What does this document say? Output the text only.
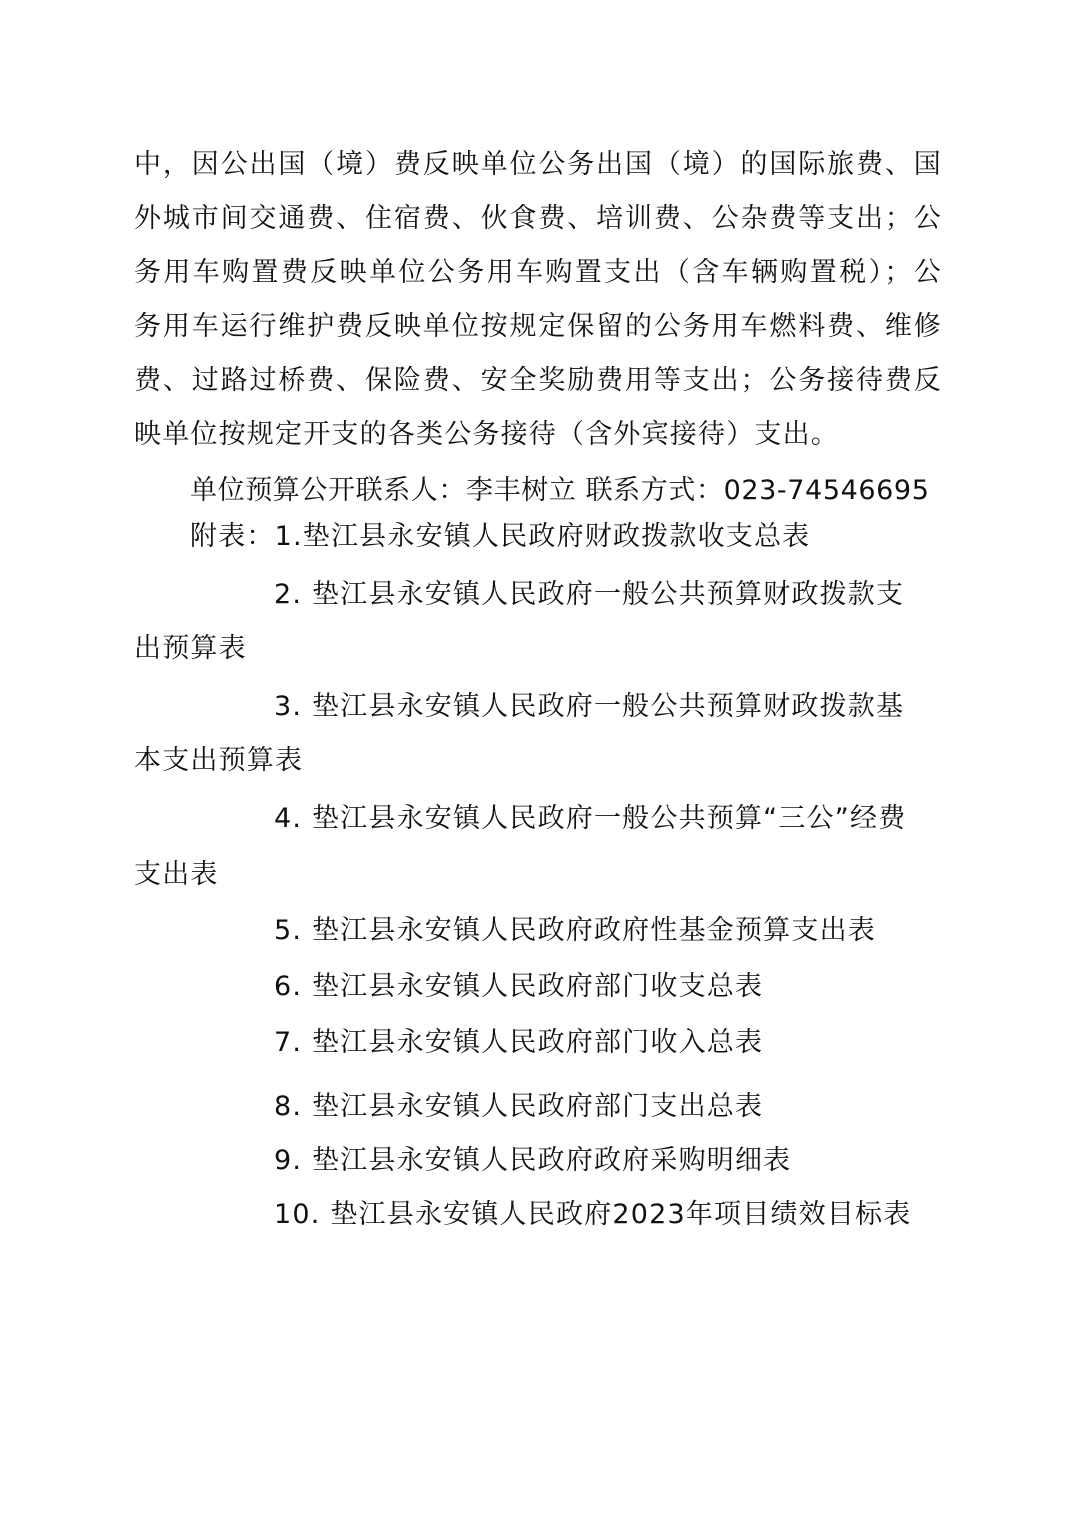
中，因公出国（境）费反映单位公务出国（境）的国际旅费、国
外城市间交通费、住宿费、伙食费、培训费、公杂费等支出；公
务用车购置费反映单位公务用车购置支出（含车辆购置税）；公
务用车运行维护费反映单位按规定保留的公务用车燃料费、维修
费、过路过桥费、保险费、安全奖励费用等支出；公务接待费反
映单位按规定开支的各类公务接待（含外宾接待）支出。
单位预算公开联系人：李丰树立 联系方式：023-74546695
附表：1.垫江县永安镇人民政府财政拨款收支总表
2. 垫江县永安镇人民政府一般公共预算财政拨款支
出预算表
3. 垫江县永安镇人民政府一般公共预算财政拨款基
本支出预算表
4. 垫江县永安镇人民政府一般公共预算“三公”经费
支出表
5. 垫江县永安镇人民政府政府性基金预算支出表
6. 垫江县永安镇人民政府部门收支总表
7. 垫江县永安镇人民政府部门收入总表
8. 垫江县永安镇人民政府部门支出总表
9. 垫江县永安镇人民政府政府采购明细表
10. 垫江县永安镇人民政府2023年项目绩效目标表
